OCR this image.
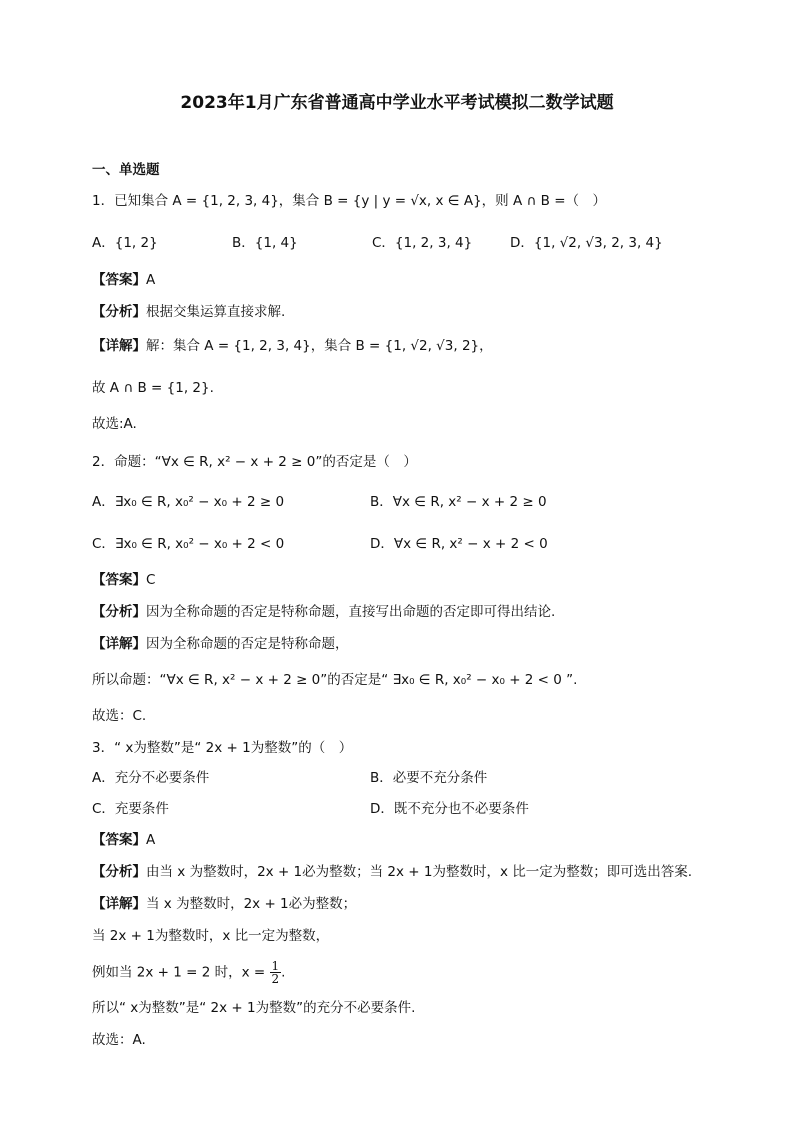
2023年1月广东省普通高中学业水平考试模拟二数学试题
一、单选题
1．已知集合 A = {1, 2, 3, 4}，集合 B = {y | y = √x, x ∈ A}，则 A ∩ B =（　）
A．{1, 2}	B．{1, 4}	C．{1, 2, 3, 4}	D．{1, √2, √3, 2, 3, 4}
【答案】A
【分析】根据交集运算直接求解.
【详解】解：集合 A = {1, 2, 3, 4}，集合 B = {1, √2, √3, 2}，
故 A ∩ B = {1, 2}.
故选:A.
2．命题：“∀x ∈ R, x² − x + 2 ≥ 0”的否定是（　）
A．∃x₀ ∈ R, x₀² − x₀ + 2 ≥ 0	B．∀x ∈ R, x² − x + 2 ≥ 0
C．∃x₀ ∈ R, x₀² − x₀ + 2 < 0	D．∀x ∈ R, x² − x + 2 < 0
【答案】C
【分析】因为全称命题的否定是特称命题，直接写出命题的否定即可得出结论.
【详解】因为全称命题的否定是特称命题，
所以命题：“∀x ∈ R, x² − x + 2 ≥ 0”的否定是“ ∃x₀ ∈ R, x₀² − x₀ + 2 < 0 ”.
故选：C.
3．“ x为整数”是“ 2x + 1为整数”的（　）
A．充分不必要条件	B．必要不充分条件
C．充要条件	D．既不充分也不必要条件
【答案】A
【分析】由当 x 为整数时，2x + 1必为整数；当 2x + 1为整数时，x 比一定为整数；即可选出答案.
【详解】当 x 为整数时，2x + 1必为整数；
当 2x + 1为整数时，x 比一定为整数，
例如当 2x + 1 = 2 时，$x = \frac{1}{2}$ .
所以“ x为整数”是“ 2x + 1为整数”的充分不必要条件.
故选：A.
